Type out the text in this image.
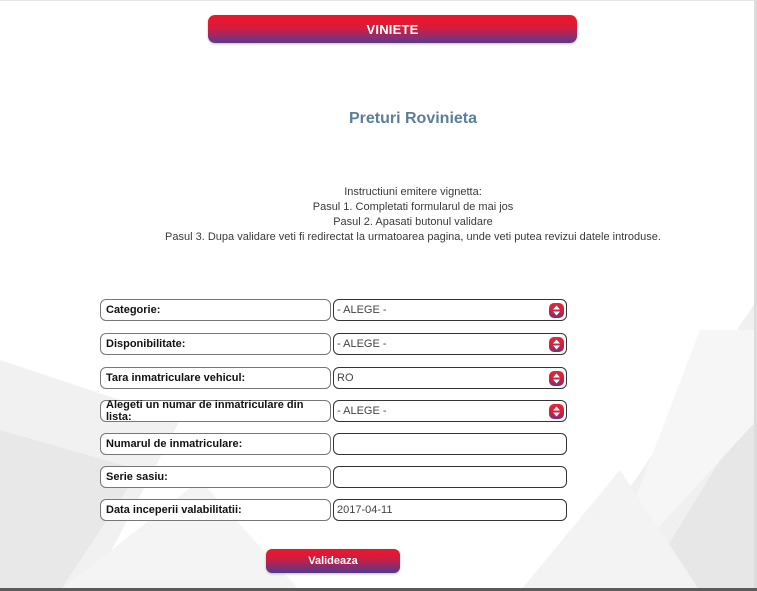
VINIETE
Preturi Rovinieta
Instructiuni emitere vignetta:
Pasul 1. Completati formularul de mai jos
Pasul 2. Apasati butonul validare
Pasul 3. Dupa validare veti fi redirectat la urmatoarea pagina, unde veti putea revizui datele introduse.
Categorie:	- ALEGE -
Disponibilitate:	- ALEGE -
Tara inmatriculare vehicul:	RO
Alegeti un numar de inmatriculare din lista:	- ALEGE -
Numarul de inmatriculare:
Serie sasiu:
Data inceperii valabilitatii:	2017-04-11
Valideaza
